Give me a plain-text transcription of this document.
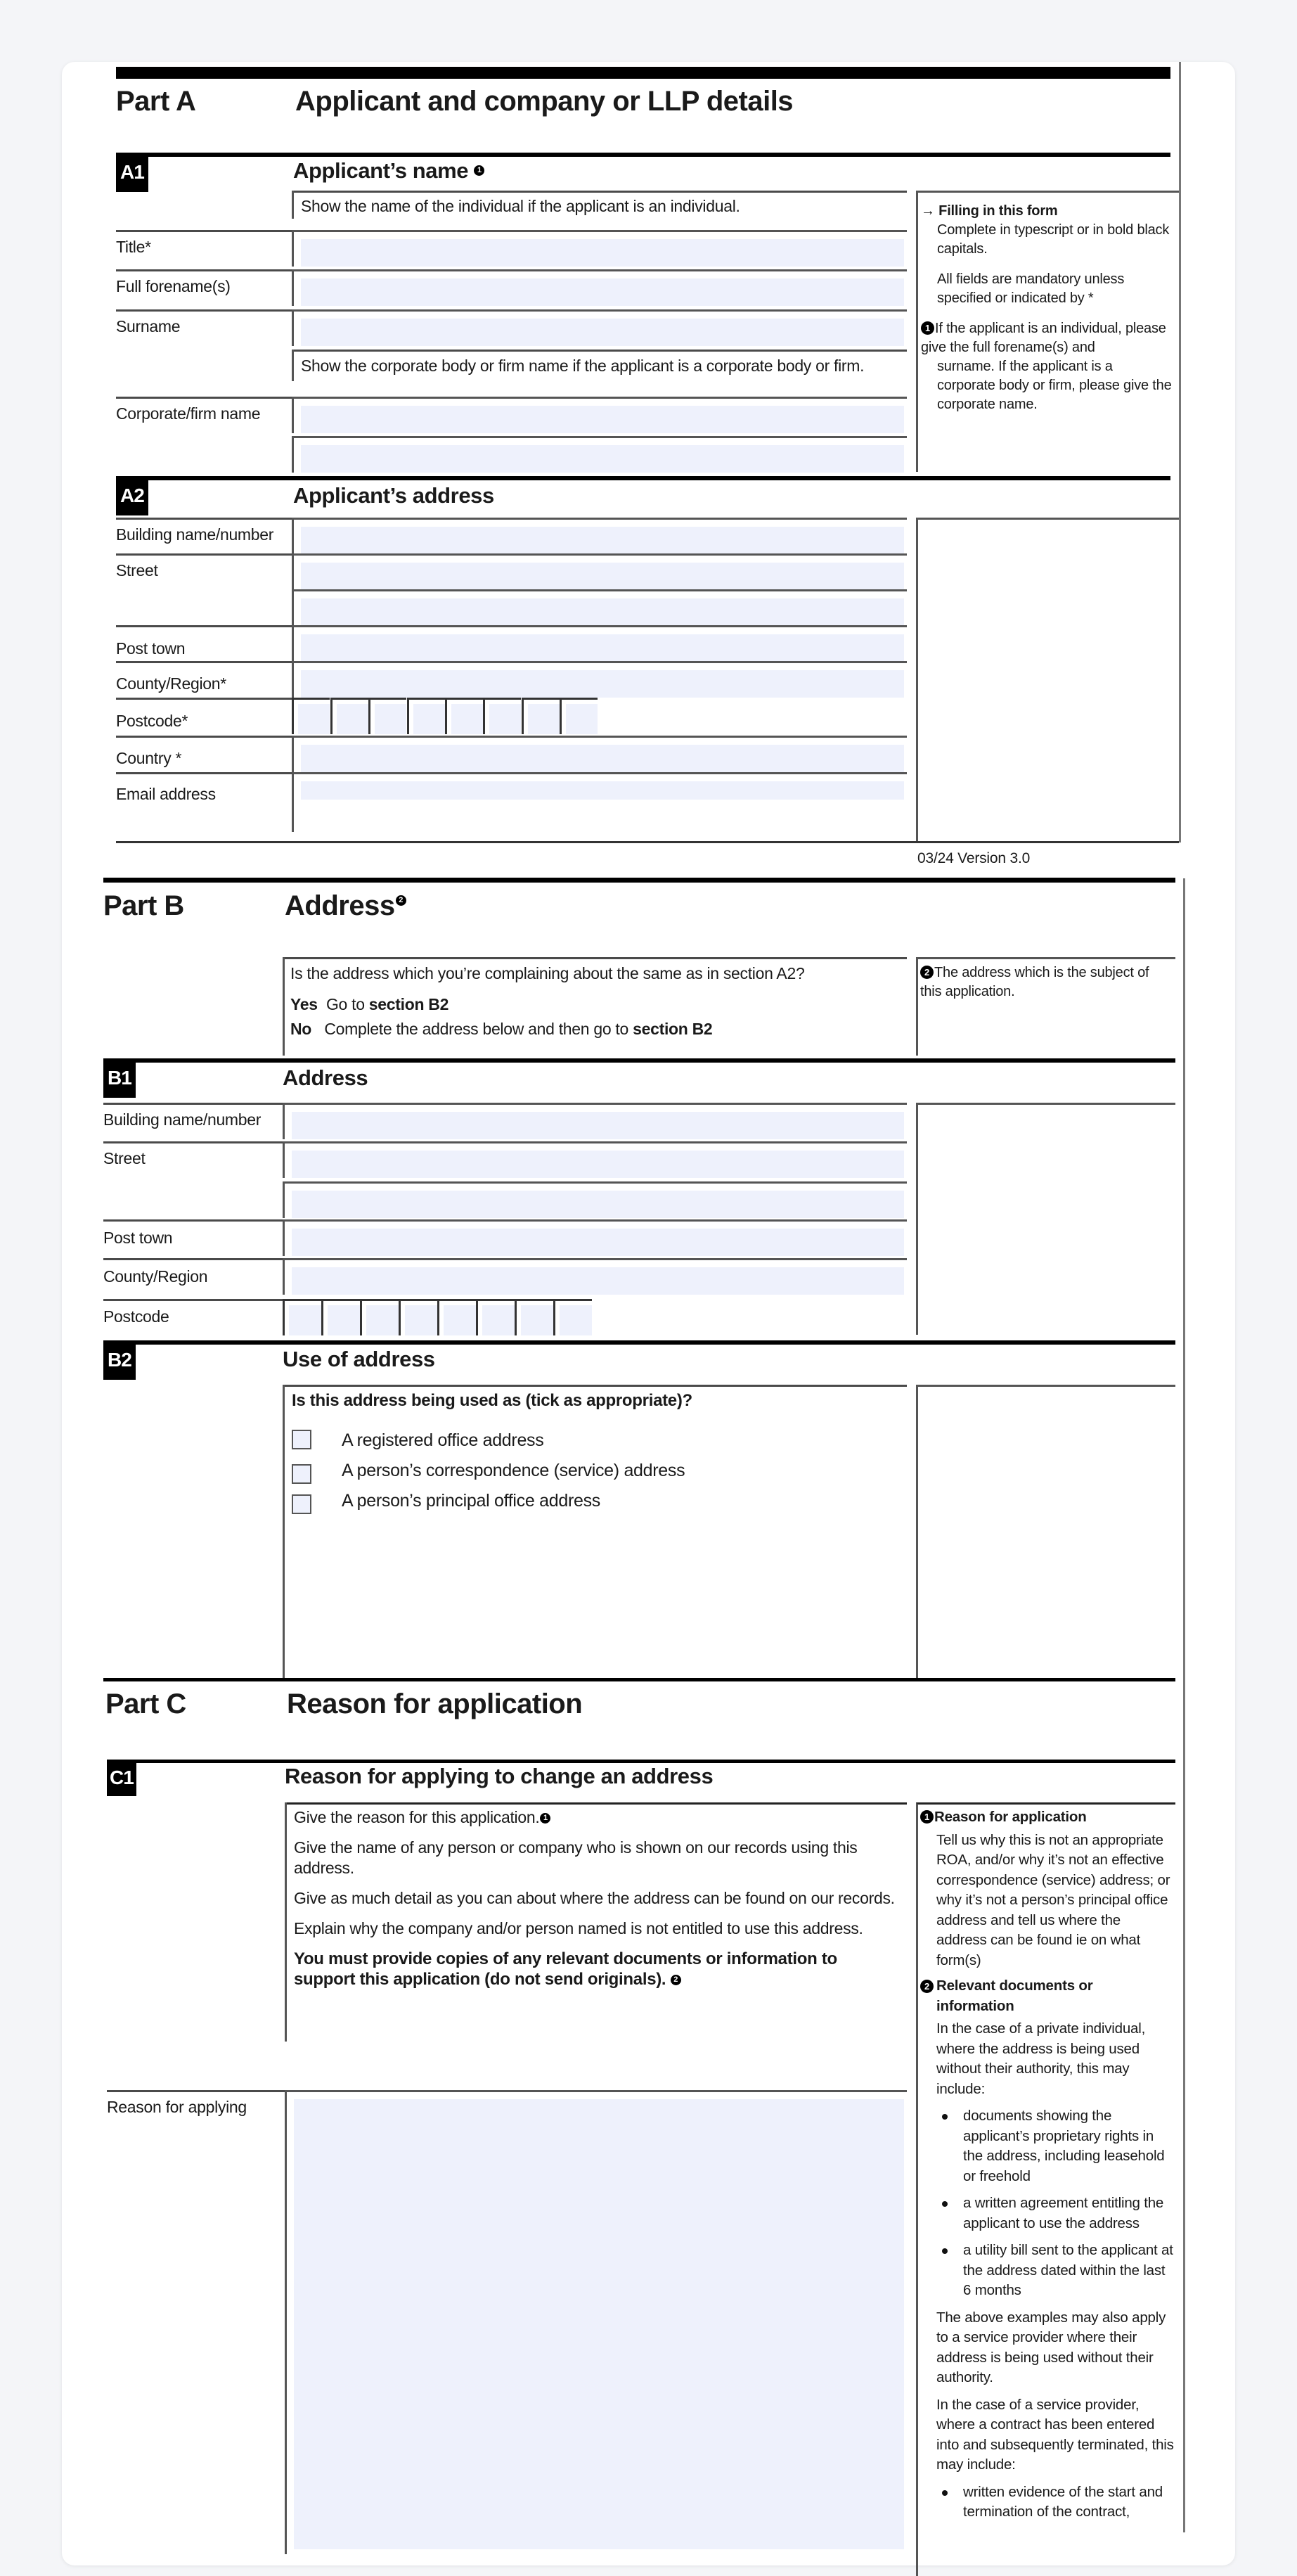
Part A	Applicant and company or LLP details
A1	Applicant’s name 1
Show the name of the individual if the applicant is an individual.
Title*
Full forename(s)
Surname
Show the corporate body or firm name if the applicant is a corporate body or firm.
Corporate/firm name
→ Filling in this form
Complete in typescript or in bold black capitals.
All fields are mandatory unless specified or indicated by *
1 If the applicant is an individual, please give the full forename(s) and
surname. If the applicant is a corporate body or firm, please give the corporate name.
A2	Applicant’s address
Building name/number
Street
Post town
County/Region*
Postcode*
Country *
Email address
03/24 Version 3.0
Part B	Address 2
Is the address which you’re complaining about the same as in section A2?
Yes Go to section B2
No Complete the address below and then go to section B2
2 The address which is the subject of this application.
B1	Address
Building name/number
Street
Post town
County/Region
Postcode
B2	Use of address
Is this address being used as (tick as appropriate)?
A registered office address
A person’s correspondence (service) address
A person’s principal office address
Part C	Reason for application
C1	Reason for applying to change an address

Give the reason for this application. 1

Give the name of any person or company who is shown on our records using this address.

Give as much detail as you can about where the address can be found on our records.

Explain why the company and/or person named is not entitled to use this address.

You must provide copies of any relevant documents or information to support this application (do not send originals). 2

Reason for applying
1 Reason for application
Tell us why this is not an appropriate ROA, and/or why it’s not an effective correspondence (service) address; or why it’s not a person’s principal office address and tell us where the address can be found ie on what form(s)
2 Relevant documents or information

In the case of a private individual, where the address is being used without their authority, this may include:

documents showing the applicant’s proprietary rights in the address, including leasehold or freehold
a written agreement entitling the applicant to use the address
a utility bill sent to the applicant at the address dated within the last 6 months

The above examples may also apply to a service provider where their address is being used without their authority.

In the case of a service provider, where a contract has been entered into and subsequently terminated, this may include:

written evidence of the start and termination of the contract,
